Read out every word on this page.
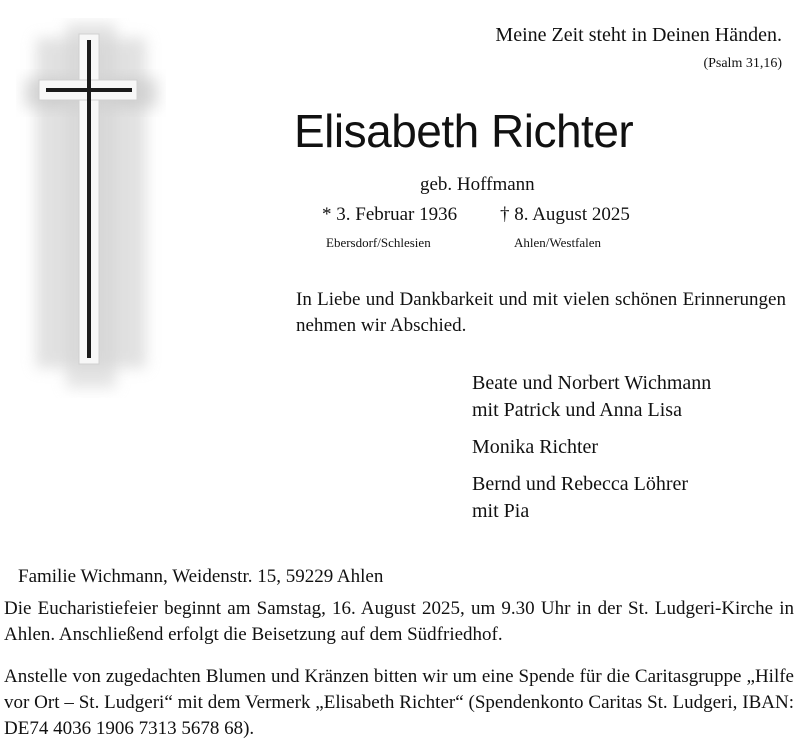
Meine Zeit steht in Deinen Händen.
(Psalm 31,16)
Elisabeth Richter
geb. Hoffmann
* 3. Februar 1936 † 8. August 2025
Ebersdorf/Schlesien	Ahlen/Westfalen
In Liebe und Dankbarkeit und mit vielen schönen Erinnerungen nehmen wir Abschied.
Beate und Norbert Wichmann
mit Patrick und Anna Lisa
Monika Richter
Bernd und Rebecca Löhrer
mit Pia
Familie Wichmann, Weidenstr. 15, 59229 Ahlen
Die Eucharistiefeier beginnt am Samstag, 16. August 2025, um 9.30 Uhr in der St. Ludgeri-Kirche in Ahlen. Anschließend erfolgt die Beisetzung auf dem Südfriedhof.
Anstelle von zugedachten Blumen und Kränzen bitten wir um eine Spende für die Caritasgruppe „Hilfe vor Ort – St. Ludgeri“ mit dem Vermerk „Elisabeth Richter“ (Spendenkonto Caritas St. Ludgeri, IBAN: DE74 4036 1906 7313 5678 68).
